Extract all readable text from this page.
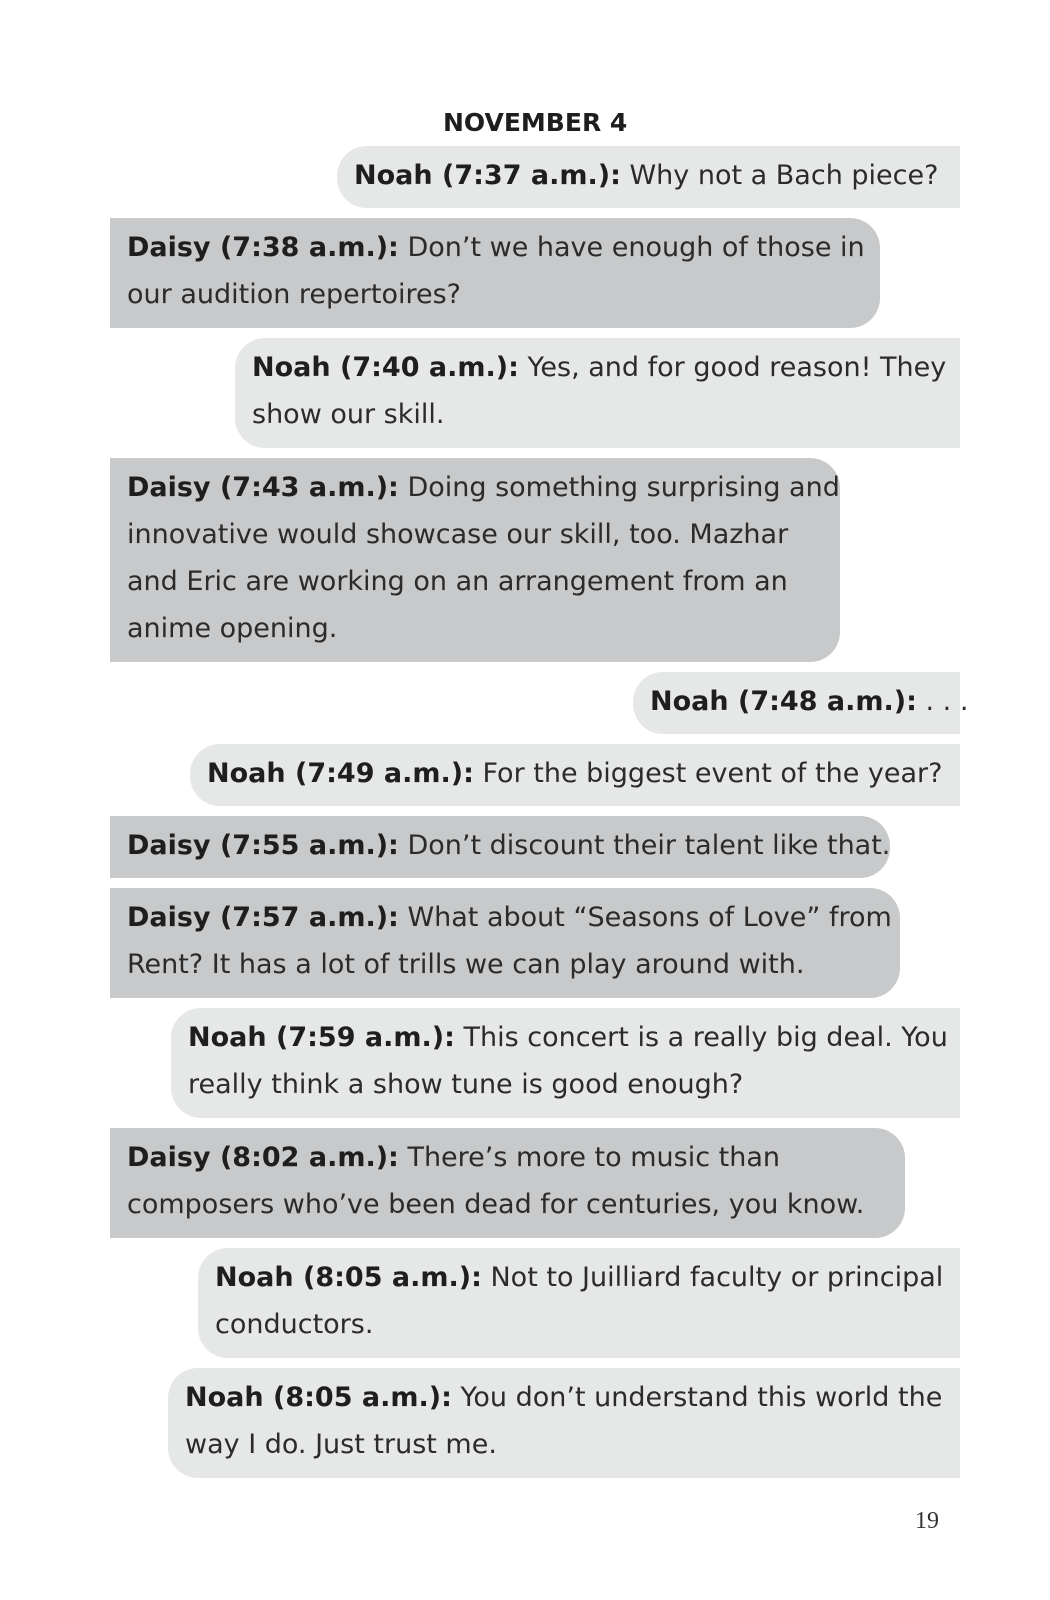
NOVEMBER 4
Noah (7:37 a.m.): Why not a Bach piece?
Daisy (7:38 a.m.): Don’t we have enough of those in
our audition repertoires?
Noah (7:40 a.m.): Yes, and for good reason! They
show our skill.
Daisy (7:43 a.m.): Doing something surprising and
innovative would showcase our skill, too. Mazhar
and Eric are working on an arrangement from an
anime opening.
Noah (7:48 a.m.): . . .
Noah (7:49 a.m.): For the biggest event of the year?
Daisy (7:55 a.m.): Don’t discount their talent like that.
Daisy (7:57 a.m.): What about “Seasons of Love” from
Rent? It has a lot of trills we can play around with.
Noah (7:59 a.m.): This concert is a really big deal. You
really think a show tune is good enough?
Daisy (8:02 a.m.): There’s more to music than
composers who’ve been dead for centuries, you know.
Noah (8:05 a.m.): Not to Juilliard faculty or principal
conductors.
Noah (8:05 a.m.): You don’t understand this world the
way I do. Just trust me.
19
